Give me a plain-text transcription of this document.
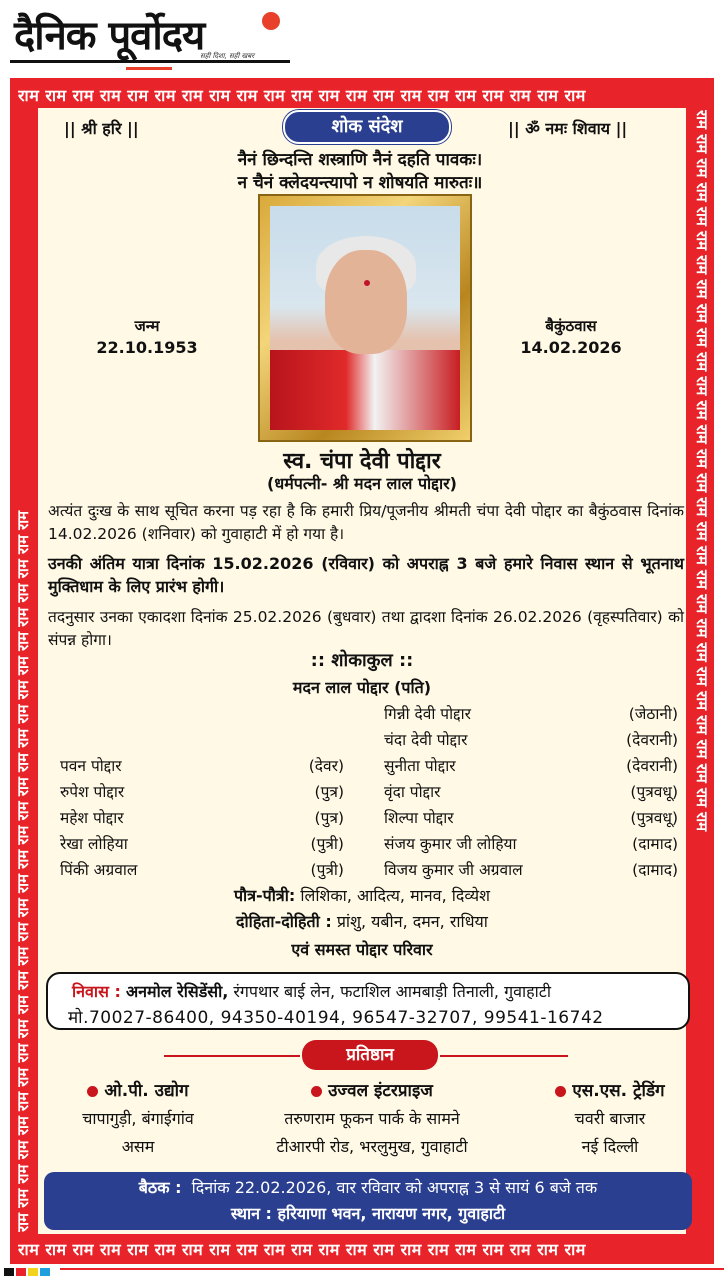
दैनिक पूर्वोदय
सही दिशा, सही खबर
राम राम राम राम राम राम राम राम राम राम राम राम राम राम राम राम राम राम राम राम राम
राम राम राम राम राम राम राम राम राम राम राम राम राम राम राम राम राम राम राम राम राम
राम राम राम राम राम राम राम राम राम राम राम राम राम राम राम राम राम राम राम राम राम राम राम राम राम राम राम राम राम राम
राम राम राम राम राम राम राम राम राम राम राम राम राम राम राम राम राम राम राम राम राम राम राम राम राम राम राम राम राम राम
|| श्री हरि ||	शोक संदेश	|| ॐ नमः शिवाय ||
नैनं छिन्दन्ति शस्त्राणि नैनं दहति पावकः।
न चैनं क्लेदयन्त्यापो न शोषयति मारुतः॥
जन्म
22.10.1953
बैकुंठवास
14.02.2026
स्व. चंपा देवी पोद्दार
(धर्मपत्नी- श्री मदन लाल पोद्दार)
अत्यंत दुःख के साथ सूचित करना पड़ रहा है कि हमारी प्रिय/पूजनीय श्रीमती चंपा देवी पोद्दार का बैकुंठवास दिनांक 14.02.2026 (शनिवार) को गुवाहाटी में हो गया है।
उनकी अंतिम यात्रा दिनांक 15.02.2026 (रविवार) को अपराह्न 3 बजे हमारे निवास स्थान से भूतनाथ मुक्तिधाम के लिए प्रारंभ होगी।
तदनुसार उनका एकादशा दिनांक 25.02.2026 (बुधवार) तथा द्वादशा दिनांक 26.02.2026 (वृहस्पतिवार) को संपन्न होगा।
:: शोकाकुल ::
मदन लाल पोद्दार (पति)
पवन पोद्दार	(देवर)
रुपेश पोद्दार	(पुत्र)
महेश पोद्दार	(पुत्र)
रेखा लोहिया	(पुत्री)
पिंकी अग्रवाल	(पुत्री)
गिन्नी देवी पोद्दार	(जेठानी)
चंदा देवी पोद्दार	(देवरानी)
सुनीता पोद्दार	(देवरानी)
वृंदा पोद्दार	(पुत्रवधू)
शिल्पा पोद्दार	(पुत्रवधू)
संजय कुमार जी लोहिया	(दामाद)
विजय कुमार जी अग्रवाल	(दामाद)
पौत्र-पौत्री: लिशिका, आदित्य, मानव, दिव्येश
दोहिता-दोहिती : प्रांशु, यबीन, दमन, राधिया
एवं समस्त पोद्दार परिवार
निवास : अनमोल रेसिडेंसी, रंगपथार बाई लेन, फटाशिल आमबाड़ी तिनाली, गुवाहाटी
मो.70027-86400, 94350-40194, 96547-32707, 99541-16742
प्रतिष्ठान
ओ.पी. उद्योग
चापागुड़ी, बंगाईगांव
असम
उज्वल इंटरप्राइज
तरुणराम फूकन पार्क के सामने
टीआरपी रोड, भरलुमुख, गुवाहाटी
एस.एस. ट्रेडिंग
चवरी बाजार
नई दिल्ली
बैठक : दिनांक 22.02.2026, वार रविवार को अपराह्न 3 से सायं 6 बजे तक
स्थान : हरियाणा भवन, नारायण नगर, गुवाहाटी
